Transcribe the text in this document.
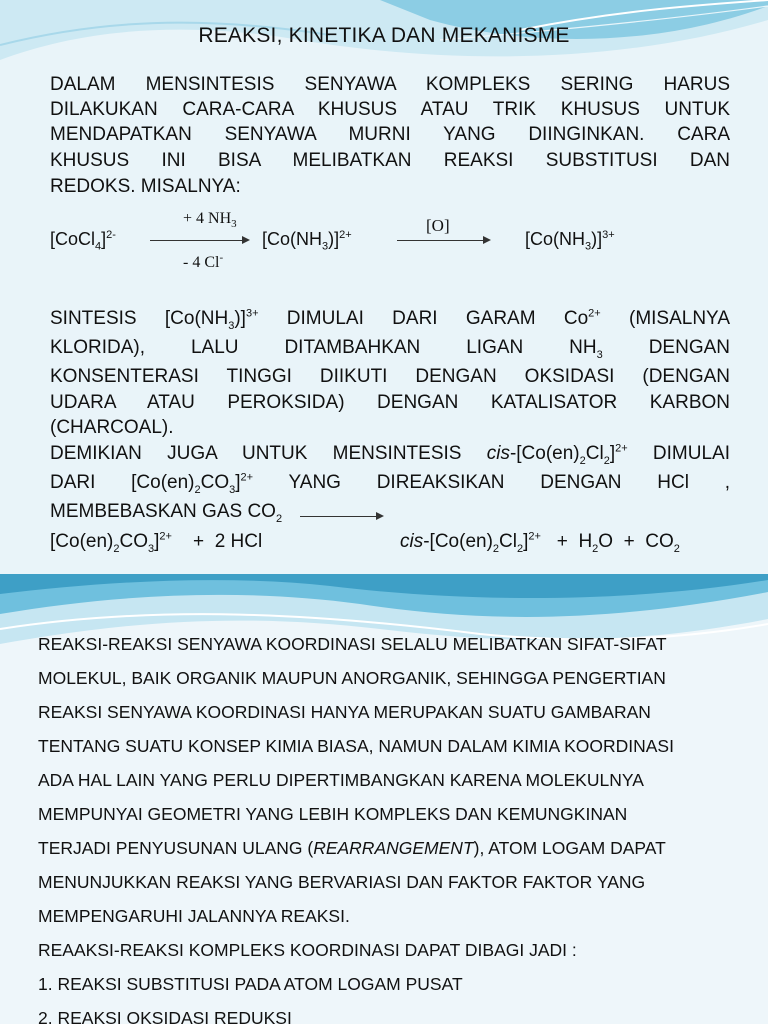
REAKSI, KINETIKA DAN MEKANISME
DALAM MENSINTESIS SENYAWA KOMPLEKS SERING HARUS
DILAKUKAN CARA-CARA KHUSUS ATAU TRIK KHUSUS UNTUK
MENDAPATKAN SENYAWA MURNI YANG DIINGINKAN. CARA
KHUSUS INI BISA MELIBATKAN REAKSI SUBSTITUSI DAN
REDOKS. MISALNYA:
+ 4 $NH_3$
[CoCl$_4$]$^{2-}$	$[Co(NH_3)]^{2+}$	[O]
$[Co(NH_3)]^{3+}$
- 4 Cl-
SINTESIS $[Co(NH_3)]^{3+}$ DIMULAI DARI GARAM $Co^{2+}$ (MISALNYA
KLORIDA), LALU DITAMBAHKAN LIGAN $NH_3$ DENGAN
KONSENTERASI TINGGI DIIKUTI DENGAN OKSIDASI (DENGAN
UDARA ATAU PEROKSIDA) DENGAN KATALISATOR KARBON
(CHARCOAL).
DEMIKIAN JUGA UNTUK MENSINTESIS cis-$[Co(en)_2Cl_2]^{2+}$ DIMULAI
DARI $[Co(en)_2CO_3]^{2+}$ YANG DIREAKSIKAN DENGAN HCl ,
MEMBEBASKAN GAS $CO_2$
$[Co(en)_2CO_3]^{2+}$    +  2 HCl	cis-$[Co(en)_2Cl_2]^{2+} + H_2O + CO_2$
REAKSI-REAKSI SENYAWA KOORDINASI SELALU MELIBATKAN SIFAT-SIFAT
MOLEKUL, BAIK ORGANIK MAUPUN ANORGANIK, SEHINGGA PENGERTIAN
REAKSI SENYAWA KOORDINASI HANYA MERUPAKAN SUATU GAMBARAN
TENTANG SUATU KONSEP KIMIA BIASA, NAMUN DALAM KIMIA KOORDINASI
ADA HAL LAIN YANG PERLU DIPERTIMBANGKAN KARENA MOLEKULNYA
MEMPUNYAI GEOMETRI YANG LEBIH KOMPLEKS DAN KEMUNGKINAN
TERJADI PENYUSUNAN ULANG (REARRANGEMENT), ATOM LOGAM DAPAT
MENUNJUKKAN REAKSI YANG BERVARIASI DAN FAKTOR FAKTOR YANG
MEMPENGARUHI JALANNYA REAKSI.
REAAKSI-REAKSI KOMPLEKS KOORDINASI DAPAT DIBAGI JADI :
1. REAKSI SUBSTITUSI PADA ATOM LOGAM PUSAT
2. REAKSI OKSIDASI REDUKSI
